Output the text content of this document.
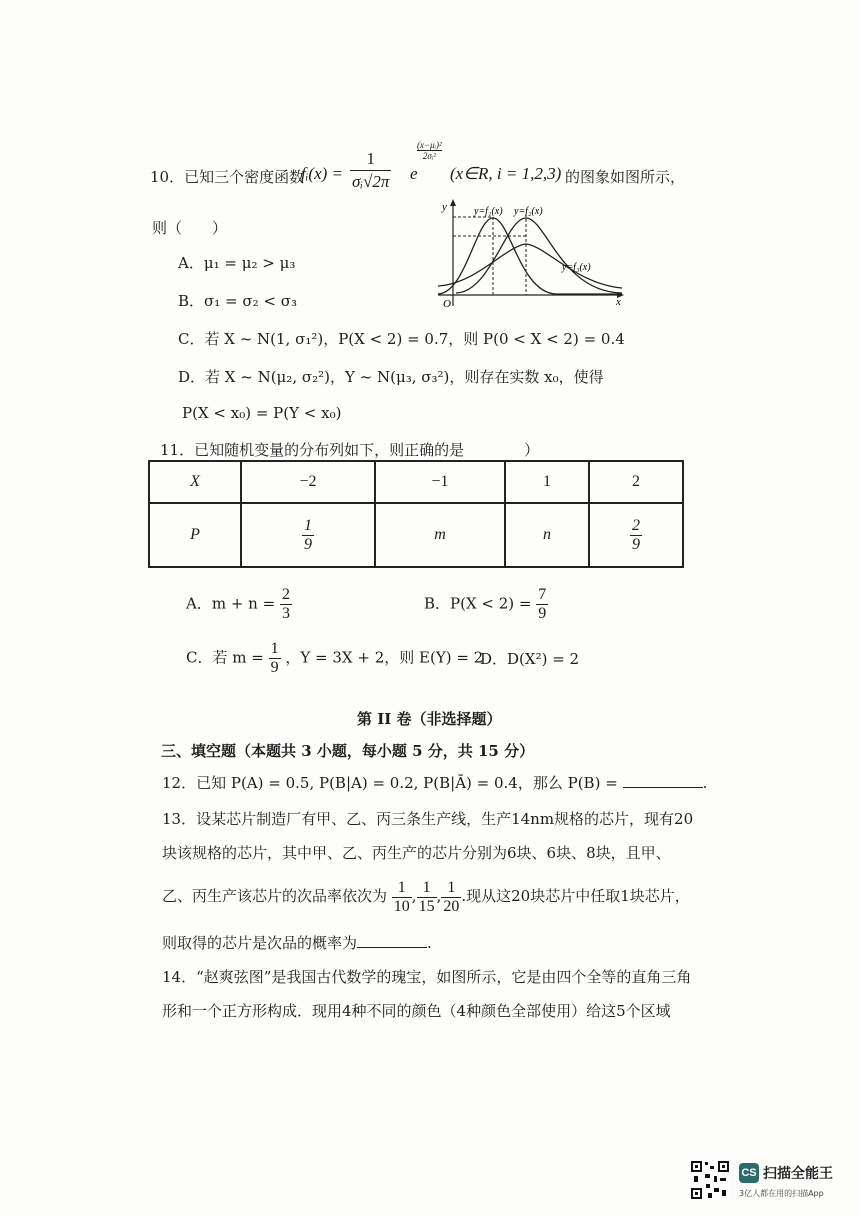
10．已知三个密度函数
fᵢ(x) = $\frac{1}{\text{σᵢ√2π}}$ e
$\frac{\text{(x−μᵢ)²}}{\text{2σᵢ²}}$
(x∈R, i = 1,2,3) 的图象如图所示，
则（　　）
A．μ₁ = μ₂ > μ₃
B．σ₁ = σ₂ < σ₃
C．若 X ~ N(1, σ₁²)，P(X < 2) = 0.7，则 P(0 < X < 2) = 0.4
D．若 X ~ N(μ₂, σ₂²)，Y ~ N(μ₃, σ₃²)，则存在实数 x₀，使得
P(X < x₀) = P(Y < x₀)
y
x
O
y=f₁(x) y=f₂(x)
y=f₃(x)
11．已知随机变量的分布列如下，则正确的是　　　　）
X	−2	−1	1	2
P	$\frac{1}{9}$	m	n	$\frac{2}{9}$
A．$m + n = \frac{2}{3}$	B．$P(X < 2) = \frac{7}{9}$
C．若 $m = \frac{1}{9}$ ，Y = 3X + 2，则 E(Y) = 2
D．D(X²) = 2
第 II 卷（非选择题）
三、填空题（本题共 3 小题，每小题 5 分，共 15 分）
12．已知 P(A) = 0.5, P(B|A) = 0.2, P(B|Ā) = 0.4，那么 P(B) =	.
13．设某芯片制造厂有甲、乙、丙三条生产线，生产14nm规格的芯片，现有20
块该规格的芯片，其中甲、乙、丙生产的芯片分别为6块、6块、8块，且甲、
乙、丙生产该芯片的次品率依次为 $\frac{1}{10}$ , $\frac{1}{15}$ , $\frac{1}{20}$ .现从这20块芯片中任取1块芯片，
则取得的芯片是次品的概率为	.
14．“赵爽弦图”是我国古代数学的瑰宝，如图所示，它是由四个全等的直角三角
形和一个正方形构成．现用4种不同的颜色（4种颜色全部使用）给这5个区域
CS 扫描全能王
3亿人都在用的扫描App
